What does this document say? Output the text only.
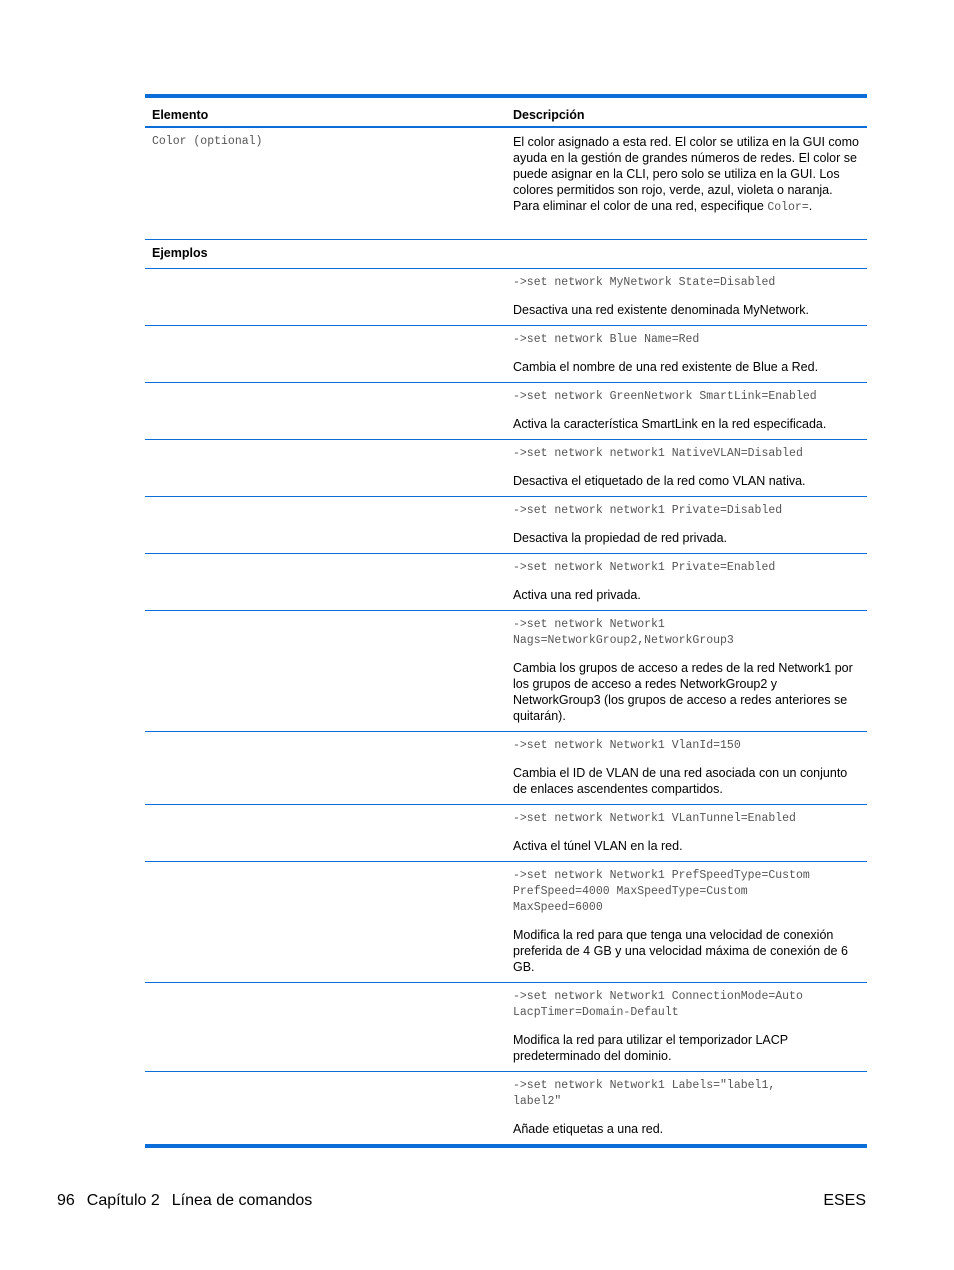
Elemento	Descripción
Color (optional)	El color asignado a esta red. El color se utiliza en la GUI como ayuda en la gestión de grandes números de redes. El color se puede asignar en la CLI, pero solo se utiliza en la GUI. Los colores permitidos son rojo, verde, azul, violeta o naranja. Para eliminar el color de una red, especifique Color=.
Ejemplos
->set network MyNetwork State=Disabled
Desactiva una red existente denominada MyNetwork.
->set network Blue Name=Red
Cambia el nombre de una red existente de Blue a Red.
->set network GreenNetwork SmartLink=Enabled
Activa la característica SmartLink en la red especificada.
->set network network1 NativeVLAN=Disabled
Desactiva el etiquetado de la red como VLAN nativa.
->set network network1 Private=Disabled
Desactiva la propiedad de red privada.
->set network Network1 Private=Enabled
Activa una red privada.
->set network Network1
Nags=NetworkGroup2,NetworkGroup3
Cambia los grupos de acceso a redes de la red Network1 por los grupos de acceso a redes NetworkGroup2 y NetworkGroup3 (los grupos de acceso a redes anteriores se quitarán).
->set network Network1 VlanId=150
Cambia el ID de VLAN de una red asociada con un conjunto de enlaces ascendentes compartidos.
->set network Network1 VLanTunnel=Enabled
Activa el túnel VLAN en la red.
->set network Network1 PrefSpeedType=Custom
PrefSpeed=4000 MaxSpeedType=Custom
MaxSpeed=6000
Modifica la red para que tenga una velocidad de conexión preferida de 4 GB y una velocidad máxima de conexión de 6 GB.
->set network Network1 ConnectionMode=Auto
LacpTimer=Domain-Default
Modifica la red para utilizar el temporizador LACP predeterminado del dominio.
->set network Network1 Labels="label1,
label2"
Añade etiquetas a una red.
96 Capítulo 2 Línea de comandos	ESES
